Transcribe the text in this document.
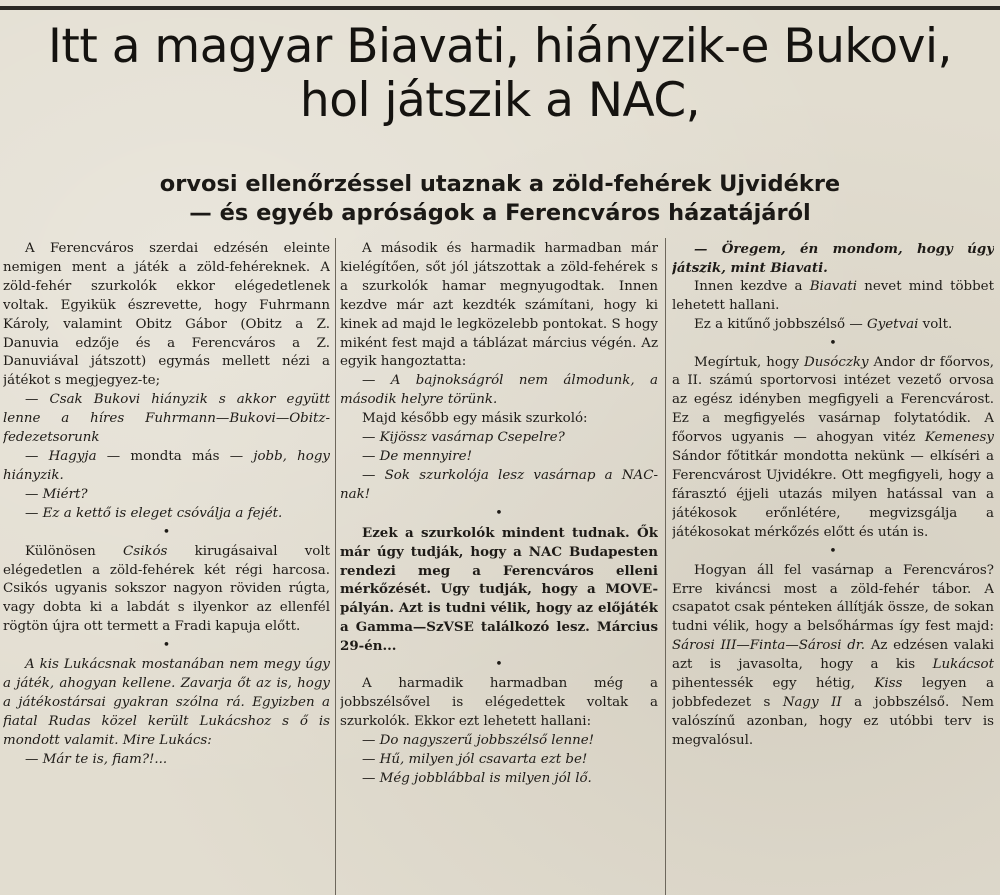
Itt a magyar Biavati, hiányzik-e Bukovi,
hol játszik a NAC,
orvosi ellenőrzéssel utaznak a zöld-fehérek Ujvidékre
— és egyéb apróságok a Ferencváros házatájáról

A Ferencváros szerdai edzésén eleinte nemigen ment a játék a zöld-fehéreknek. A zöld-fehér szurkolók ekkor elégedetlenek voltak. Egyikük észrevette, hogy Fuhrmann Károly, valamint Obitz Gábor (Obitz a Z. Danuvia edzője és a Ferencváros a Z. Danuviával játszott) egymás mellett nézi a játékot s megjegyez-te;

— Csak Bukovi hiányzik s akkor együtt lenne a híres Fuhrmann—Bukovi—Obitz-fedezetsorunk

— Hagyja — mondta más — jobb, hogy hiányzik.

— Miért?

— Ez a kettő is eleget csóválja a fejét.

•

Különösen Csikós kirugásaival volt elégedetlen a zöld-fehérek két régi harcosa. Csikós ugyanis sokszor nagyon röviden rúgta, vagy dobta ki a labdát s ilyenkor az ellenfél rögtön újra ott termett a Fradi kapuja előtt.

•

A kis Lukácsnak mostanában nem megy úgy a játék, ahogyan kellene. Zavarja őt az is, hogy a játékostársai gyakran szólna rá. Egyizben a fiatal Rudas közel került Lukácshoz s ő is mondott valamit. Mire Lukács:

— Már te is, fiam?!...

A második és harmadik harmadban már kielégítően, sőt jól játszottak a zöld-fehérek s a szurkolók hamar megnyugodtak. Innen kezdve már azt kezdték számítani, hogy ki kinek ad majd le legközelebb pontokat. S hogy miként fest majd a táblázat március végén. Az egyik hangoztatta:

— A bajnokságról nem álmodunk, a második helyre törünk.

Majd később egy másik szurkoló:

— Kijössz vasárnap Csepelre?

— De mennyire!

— Sok szurkolója lesz vasárnap a NAC-nak!

•

Ezek a szurkolók mindent tudnak. Ők már úgy tudják, hogy a NAC Budapesten rendezi meg a Ferencváros elleni mérkőzését. Ugy tudják, hogy a MOVE-pályán. Azt is tudni vélik, hogy az előjáték a Gamma—SzVSE találkozó lesz. Március 29-én...

•

A harmadik harmadban még a jobbszélsővel is elégedettek voltak a szurkolók. Ekkor ezt lehetett hallani:

— Do nagyszerű jobbszélső lenne!

— Hű, milyen jól csavarta ezt be!

— Még jobblábbal is milyen jól lő.

— Öregem, én mondom, hogy úgy játszik, mint Biavati.

Innen kezdve a Biavati nevet mind többet lehetett hallani.

Ez a kitűnő jobbszélső — Gyetvai volt.

•

Megírtuk, hogy Dusóczky Andor dr főorvos, a II. számú sportorvosi intézet vezető orvosa az egész idényben megfigyeli a Ferencvárost. Ez a megfigyelés vasárnap folytatódik. A főorvos ugyanis — ahogyan vitéz Kemenesy Sándor főtitkár mondotta nekünk — elkíséri a Ferencvárost Ujvidékre. Ott megfigyeli, hogy a fárasztó éjjeli utazás milyen hatással van a játékosok erőnlétére, megvizsgálja a játékosokat mérkőzés előtt és után is.

•

Hogyan áll fel vasárnap a Ferencváros? Erre kiváncsi most a zöld-fehér tábor. A csapatot csak pénteken állítják össze, de sokan tudni vélik, hogy a belsőhármas így fest majd: Sárosi III—Finta—Sárosi dr. Az edzésen valaki azt is javasolta, hogy a kis Lukácsot pihentessék egy hétig, Kiss legyen a jobbfedezet s Nagy II a jobbszélső. Nem valószínű azonban, hogy ez utóbbi terv is megvalósul.
